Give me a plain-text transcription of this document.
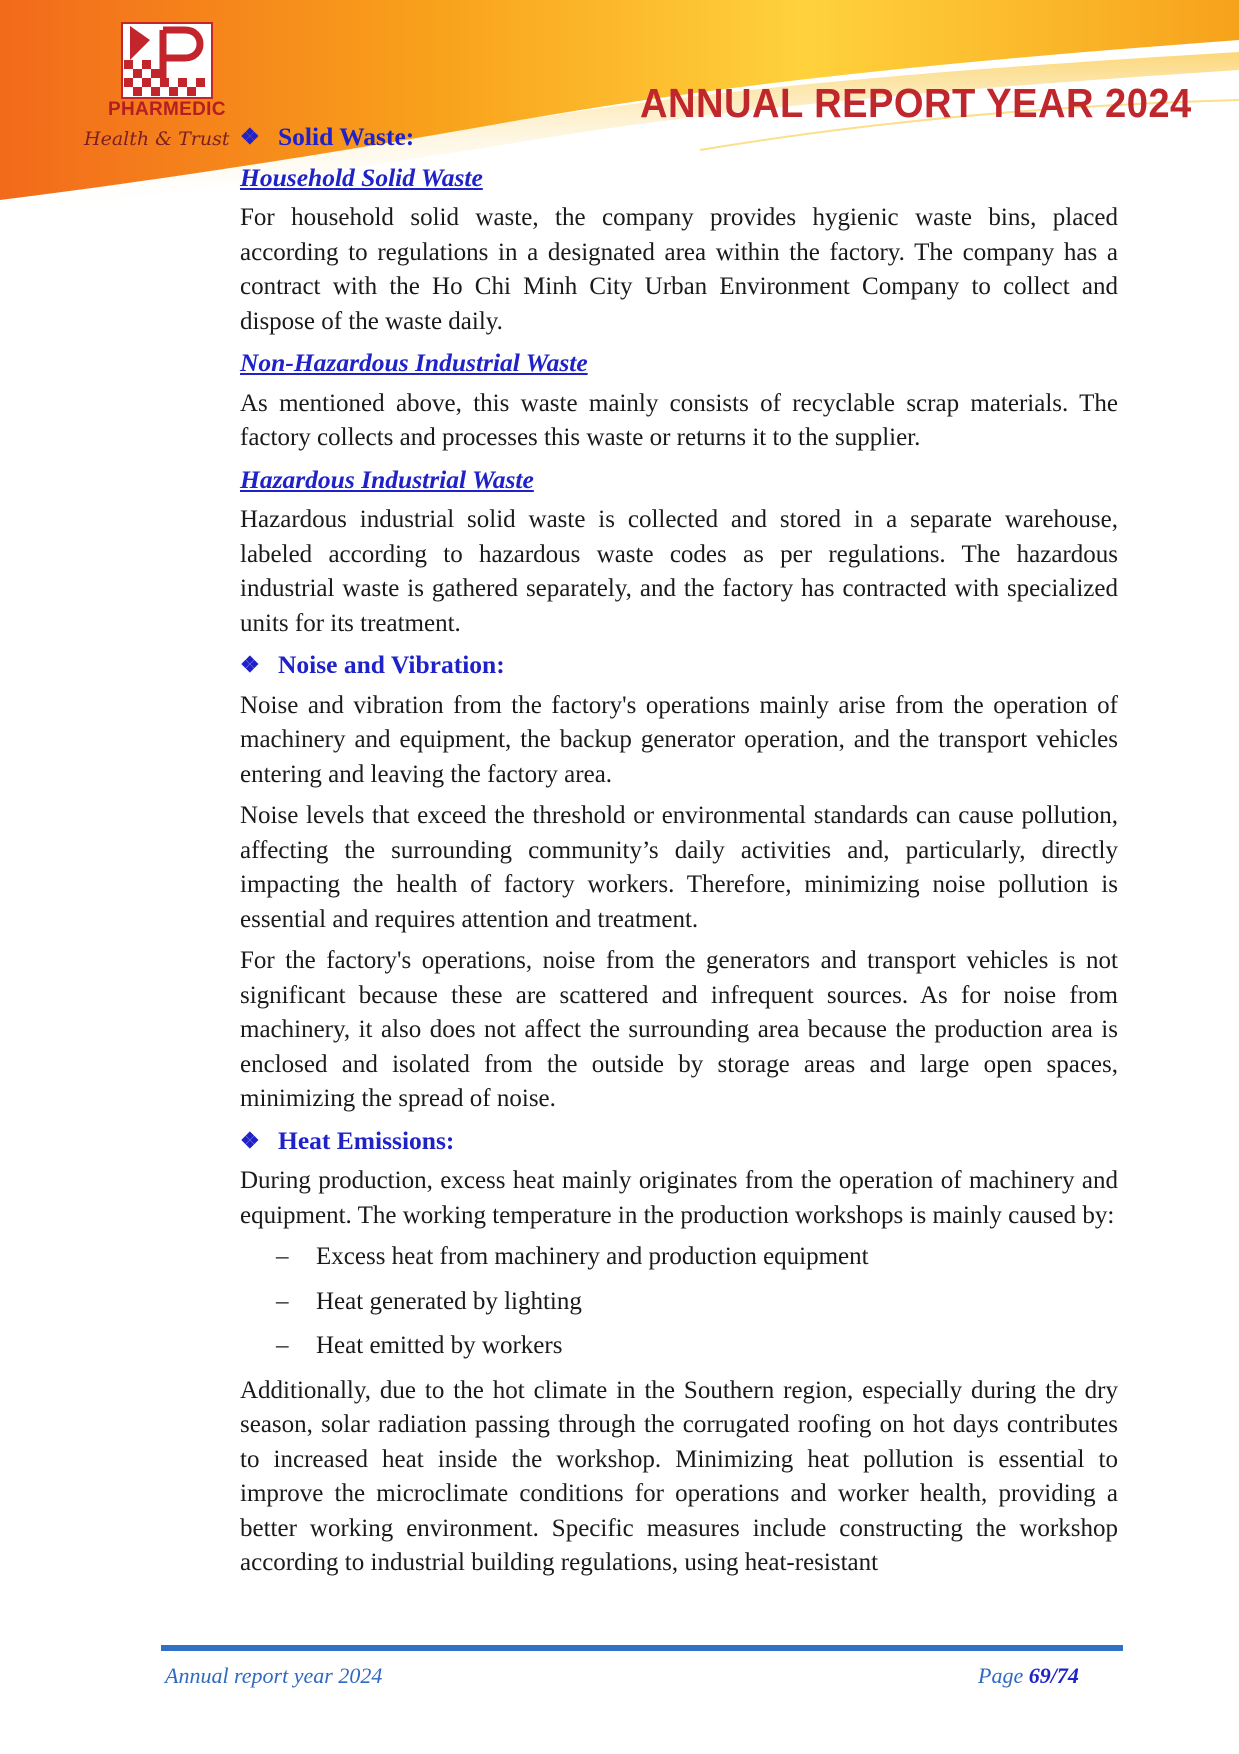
PHARMEDIC
Health & Trust
ANNUAL REPORT YEAR 2024
❖ Solid Waste:
Household Solid Waste

For household solid waste, the company provides hygienic waste bins, placed according to regulations in a designated area within the factory. The company has a contract with the Ho Chi Minh City Urban Environment Company to collect and dispose of the waste daily.

Non-Hazardous Industrial Waste

As mentioned above, this waste mainly consists of recyclable scrap materials. The factory collects and processes this waste or returns it to the supplier.

Hazardous Industrial Waste

Hazardous industrial solid waste is collected and stored in a separate warehouse, labeled according to hazardous waste codes as per regulations. The hazardous industrial waste is gathered separately, and the factory has contracted with specialized units for its treatment.

❖ Noise and Vibration:

Noise and vibration from the factory's operations mainly arise from the operation of machinery and equipment, the backup generator operation, and the transport vehicles entering and leaving the factory area.

Noise levels that exceed the threshold or environmental standards can cause pollution, affecting the surrounding community’s daily activities and, particularly, directly impacting the health of factory workers. Therefore, minimizing noise pollution is essential and requires attention and treatment.

For the factory's operations, noise from the generators and transport vehicles is not significant because these are scattered and infrequent sources. As for noise from machinery, it also does not affect the surrounding area because the production area is enclosed and isolated from the outside by storage areas and large open spaces, minimizing the spread of noise.

❖ Heat Emissions:

During production, excess heat mainly originates from the operation of machinery and equipment. The working temperature in the production workshops is mainly caused by:

– Excess heat from machinery and production equipment
– Heat generated by lighting
– Heat emitted by workers

Additionally, due to the hot climate in the Southern region, especially during the dry season, solar radiation passing through the corrugated roofing on hot days contributes to increased heat inside the workshop. Minimizing heat pollution is essential to improve the microclimate conditions for operations and worker health, providing a better working environment. Specific measures include constructing the workshop according to industrial building regulations, using heat-resistant

Annual report year 2024	Page 69/74
